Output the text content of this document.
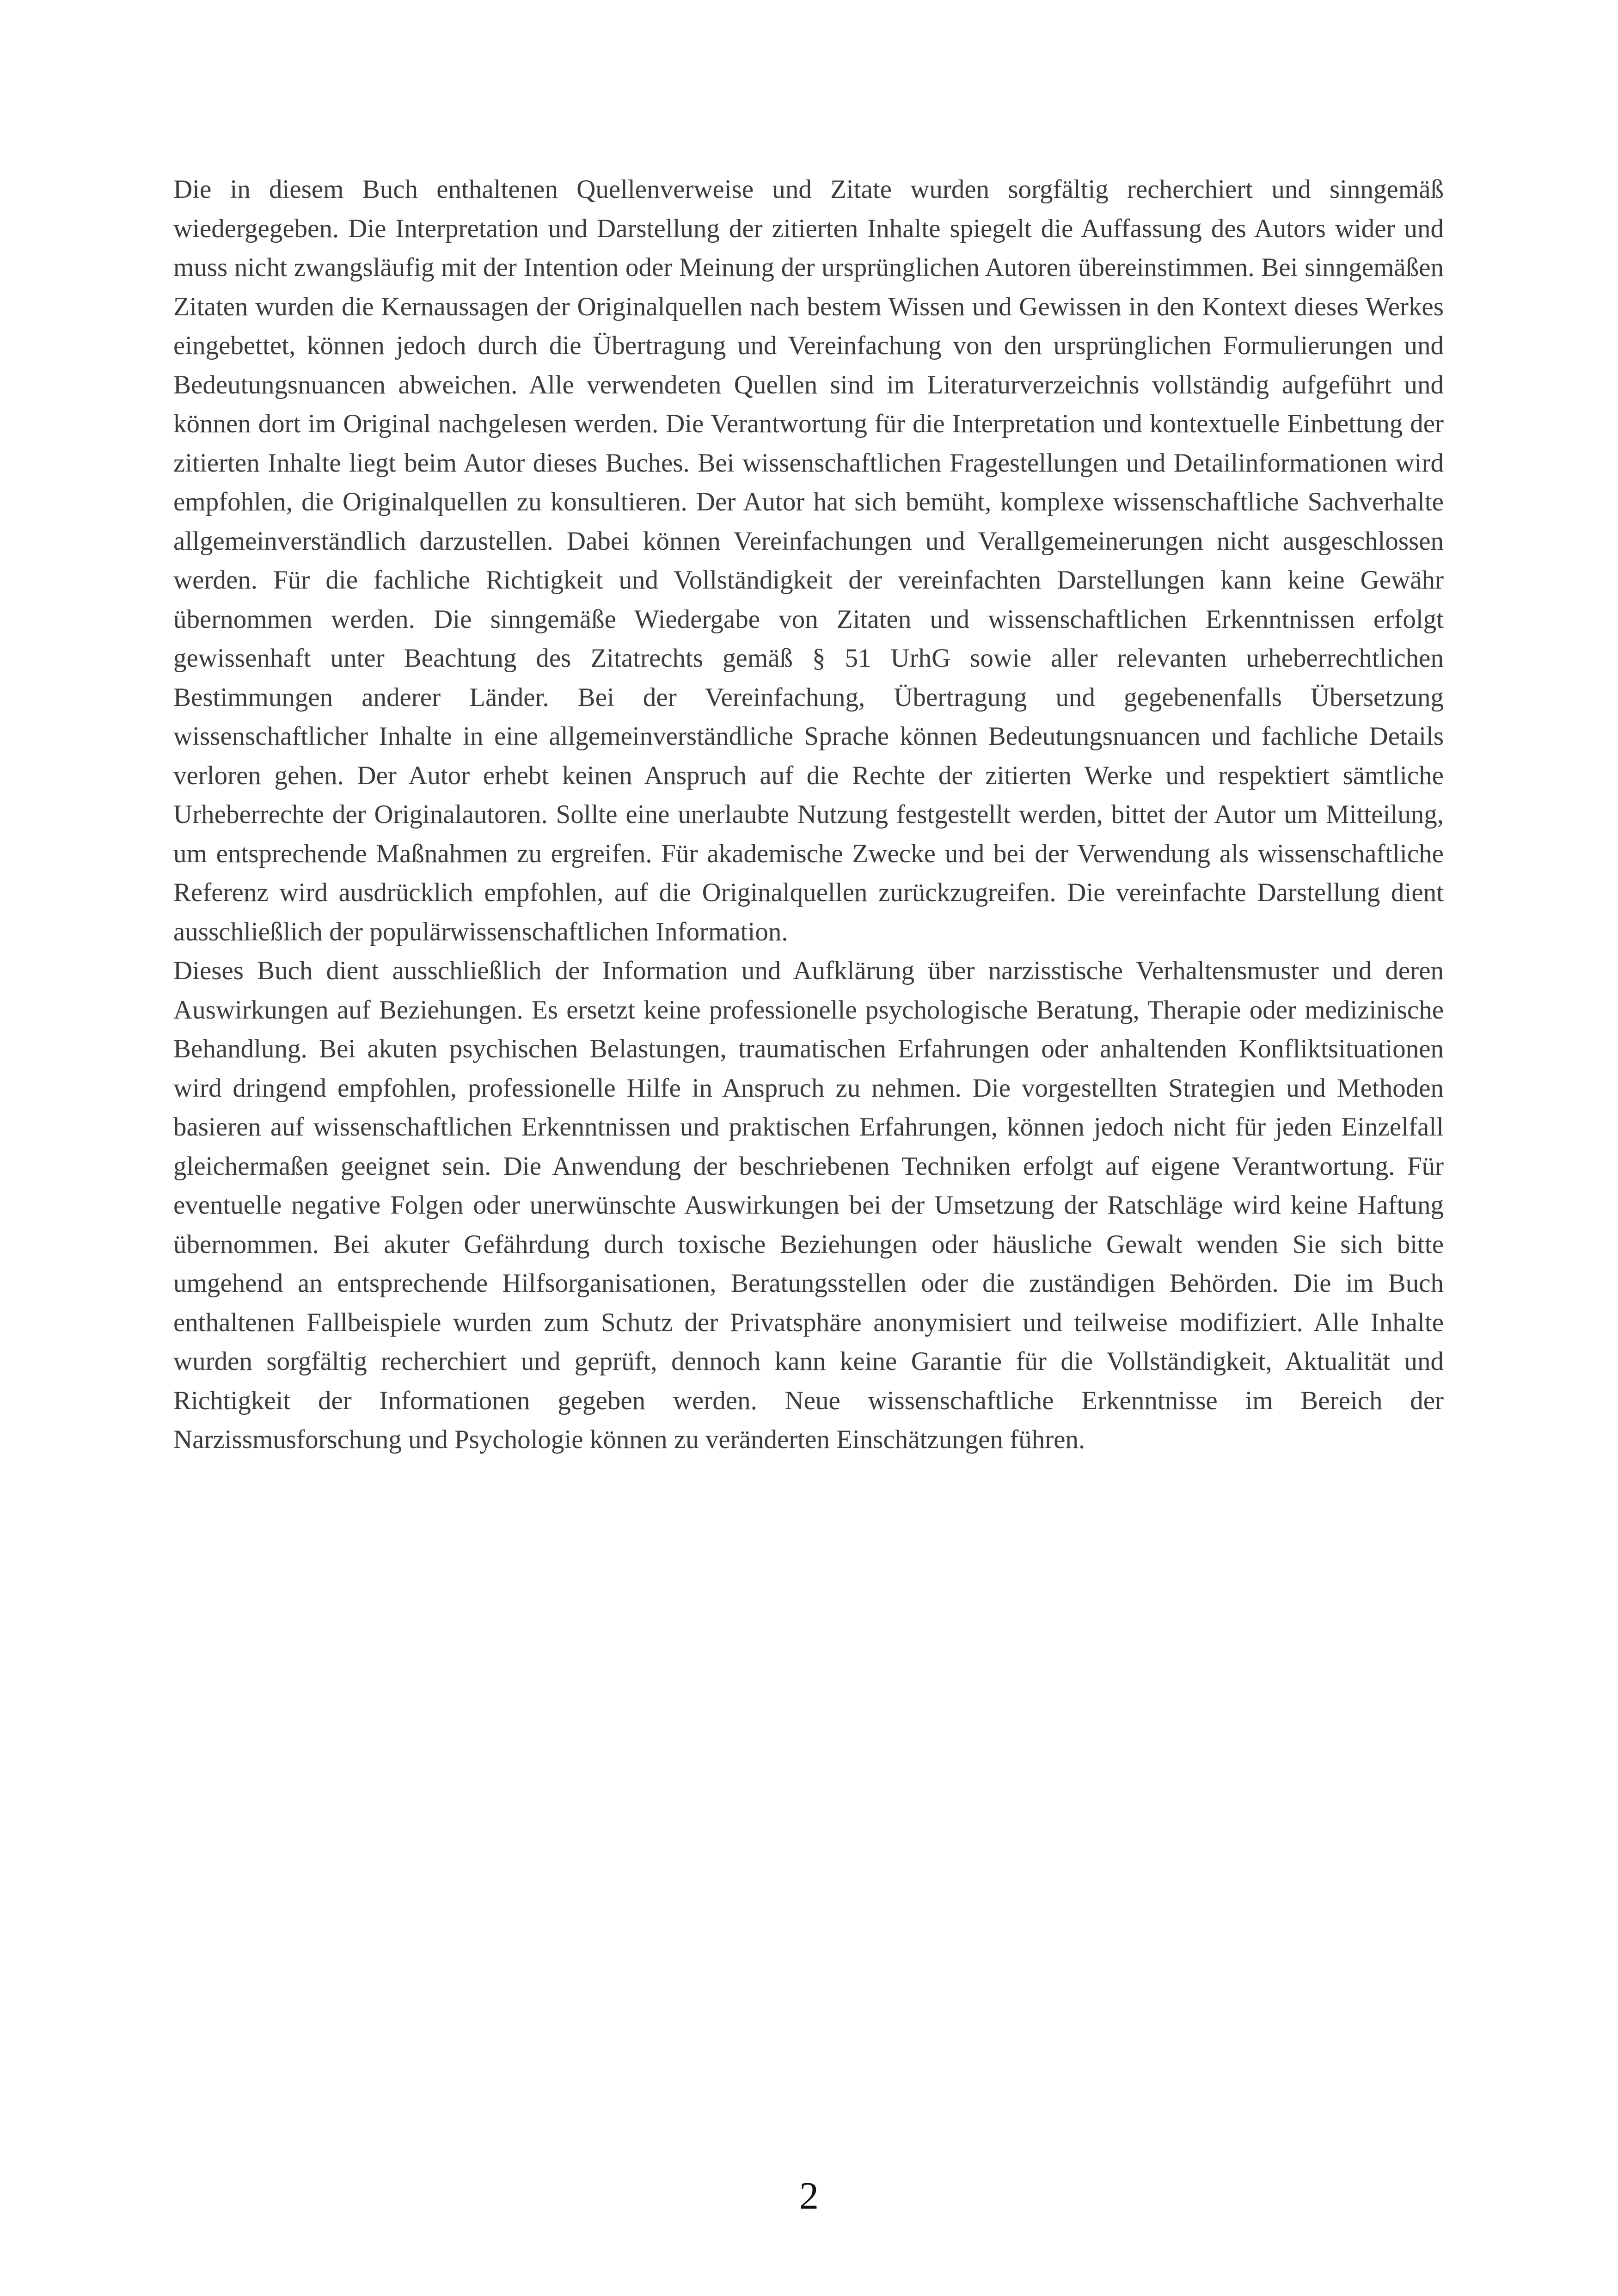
Die in diesem Buch enthaltenen Quellenverweise und Zitate wurden sorgfältig recherchiert und sinngemäß wiedergegeben. Die Interpretation und Darstellung der zitierten Inhalte spiegelt die Auffassung des Autors wider und muss nicht zwangsläufig mit der Intention oder Meinung der ursprünglichen Autoren übereinstimmen. Bei sinngemäßen Zitaten wurden die Kernaussagen der Originalquellen nach bestem Wissen und Gewissen in den Kontext dieses Werkes eingebettet, können jedoch durch die Übertragung und Vereinfachung von den ursprünglichen Formulierungen und Bedeutungsnuancen abweichen. Alle verwendeten Quellen sind im Literaturverzeichnis vollständig aufgeführt und können dort im Original nachgelesen werden. Die Verantwortung für die Interpretation und kontextuelle Einbettung der zitierten Inhalte liegt beim Autor dieses Buches. Bei wissenschaftlichen Fragestellungen und Detailinformationen wird empfohlen, die Originalquellen zu konsultieren. Der Autor hat sich bemüht, komplexe wissenschaftliche Sachverhalte allgemeinverständlich darzustellen. Dabei können Vereinfachungen und Verallgemeinerungen nicht ausgeschlossen werden. Für die fachliche Richtigkeit und Vollständigkeit der vereinfachten Darstellungen kann keine Gewähr übernommen werden. Die sinngemäße Wiedergabe von Zitaten und wissenschaftlichen Erkenntnissen erfolgt gewissenhaft unter Beachtung des Zitatrechts gemäß § 51 UrhG sowie aller relevanten urheberrechtlichen Bestimmungen anderer Länder. Bei der Vereinfachung, Übertragung und gegebenenfalls Übersetzung wissenschaftlicher Inhalte in eine allgemeinverständliche Sprache können Bedeutungsnuancen und fachliche Details verloren gehen. Der Autor erhebt keinen Anspruch auf die Rechte der zitierten Werke und respektiert sämtliche Urheberrechte der Originalautoren. Sollte eine unerlaubte Nutzung festgestellt werden, bittet der Autor um Mitteilung, um entsprechende Maßnahmen zu ergreifen. Für akademische Zwecke und bei der Verwendung als wissenschaftliche Referenz wird ausdrücklich empfohlen, auf die Originalquellen zurückzugreifen. Die vereinfachte Darstellung dient ausschließlich der populärwissenschaftlichen Information.

Dieses Buch dient ausschließlich der Information und Aufklärung über narzisstische Verhaltensmuster und deren Auswirkungen auf Beziehungen. Es ersetzt keine professionelle psychologische Beratung, Therapie oder medizinische Behandlung. Bei akuten psychischen Belastungen, traumatischen Erfahrungen oder anhaltenden Konfliktsituationen wird dringend empfohlen, professionelle Hilfe in Anspruch zu nehmen. Die vorgestellten Strategien und Methoden basieren auf wissenschaftlichen Erkenntnissen und praktischen Erfahrungen, können jedoch nicht für jeden Einzelfall gleichermaßen geeignet sein. Die Anwendung der beschriebenen Techniken erfolgt auf eigene Verantwortung. Für eventuelle negative Folgen oder unerwünschte Auswirkungen bei der Umsetzung der Ratschläge wird keine Haftung übernommen. Bei akuter Gefährdung durch toxische Beziehungen oder häusliche Gewalt wenden Sie sich bitte umgehend an entsprechende Hilfsorganisationen, Beratungsstellen oder die zuständigen Behörden. Die im Buch enthaltenen Fallbeispiele wurden zum Schutz der Privatsphäre anonymisiert und teilweise modifiziert. Alle Inhalte wurden sorgfältig recherchiert und geprüft, dennoch kann keine Garantie für die Vollständigkeit, Aktualität und Richtigkeit der Informationen gegeben werden. Neue wissenschaftliche Erkenntnisse im Bereich der Narzissmusforschung und Psychologie können zu veränderten Einschätzungen führen.

2
